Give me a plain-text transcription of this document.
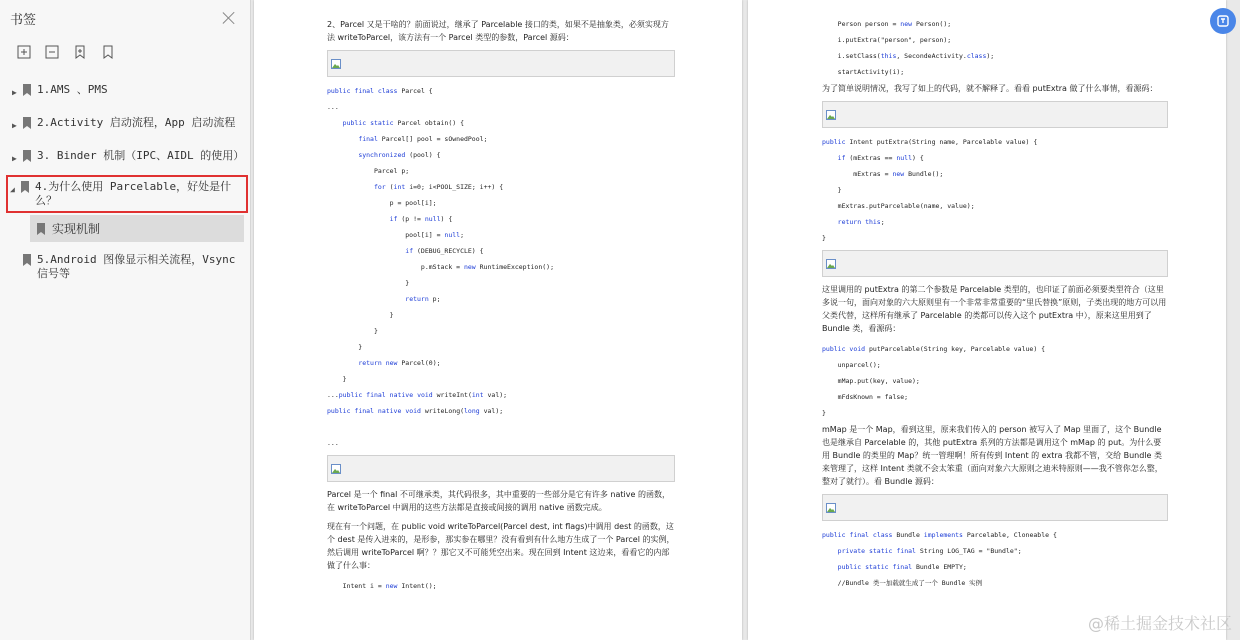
书签
▶	1.AMS 、PMS
▶	2.Activity 启动流程，App 启动流程
▶	3. Binder 机制（IPC、AIDL 的使用）
◢	4.为什么使用 Parcelable，好处是什么？
实现机制
5.Android 图像显示相关流程，Vsync 信号等
2、Parcel 又是干啥的？前面说过，继承了 Parcelable 接口的类，如果不是抽象类，必须实现方法 writeToParcel，该方法有一个 Parcel 类型的参数，Parcel 源码：
public final class Parcel {
...
public static Parcel obtain() {
final Parcel[] pool = sOwnedPool;
synchronized (pool) {
Parcel p;
for (int i=0; i<POOL_SIZE; i++) {
p = pool[i];
if (p != null) {
pool[i] = null;
if (DEBUG_RECYCLE) {
p.mStack = new RuntimeException();
}
return p;
}
}
}
return new Parcel(0);
}
...public final native void writeInt(int val);
public final native void writeLong(long val);

...
Parcel 是一个 final 不可继承类，其代码很多，其中重要的一些部分是它有许多 native 的函数，在 writeToParcel 中调用的这些方法都是直接或间接的调用 native 函数完成。
现在有一个问题，在 public void writeToParcel(Parcel dest, int flags)中调用 dest 的函数，这个 dest 是传入进来的，是形参，那实参在哪里？没有看到有什么地方生成了一个 Parcel 的实例，然后调用 writeToParcel 啊？？那它又不可能凭空出来。现在回到 Intent 这边来，看看它的内部做了什么事：
Intent i = new Intent();
Person person = new Person();
i.putExtra("person", person);
i.setClass(this, SecondeActivity.class);
startActivity(i);
为了简单说明情况，我写了如上的代码，就不解释了。看看 putExtra 做了什么事情，看源码：
public Intent putExtra(String name, Parcelable value) {
if (mExtras == null) {
mExtras = new Bundle();
}
mExtras.putParcelable(name, value);
return this;
}
这里调用的 putExtra 的第二个参数是 Parcelable 类型的，也印证了前面必须要类型符合（这里多说一句，面向对象的六大原则里有一个非常非常重要的“里氏替换”原则，子类出现的地方可以用父类代替，这样所有继承了 Parcelable 的类都可以传入这个 putExtra 中），原来这里用到了 Bundle 类，看源码：
public void putParcelable(String key, Parcelable value) {
unparcel();
mMap.put(key, value);
mFdsKnown = false;
}
mMap 是一个 Map，看到这里，原来我们传入的 person 被写入了 Map 里面了，这个 Bundle 也是继承自 Parcelable 的，其他 putExtra 系列的方法都是调用这个 mMap 的 put。为什么要用 Bundle 的类里的 Map？统一管理啊！所有传到 Intent 的 extra 我都不管，交给 Bundle 类来管理了，这样 Intent 类就不会太笨重（面向对象六大原则之迪米特原则——我不管你怎么整，整对了就行）。看 Bundle 源码：
public final class Bundle implements Parcelable, Cloneable {
private static final String LOG_TAG = "Bundle";
public static final Bundle EMPTY;
//Bundle 类一加载就生成了一个 Bundle 实例
@稀土掘金技术社区
